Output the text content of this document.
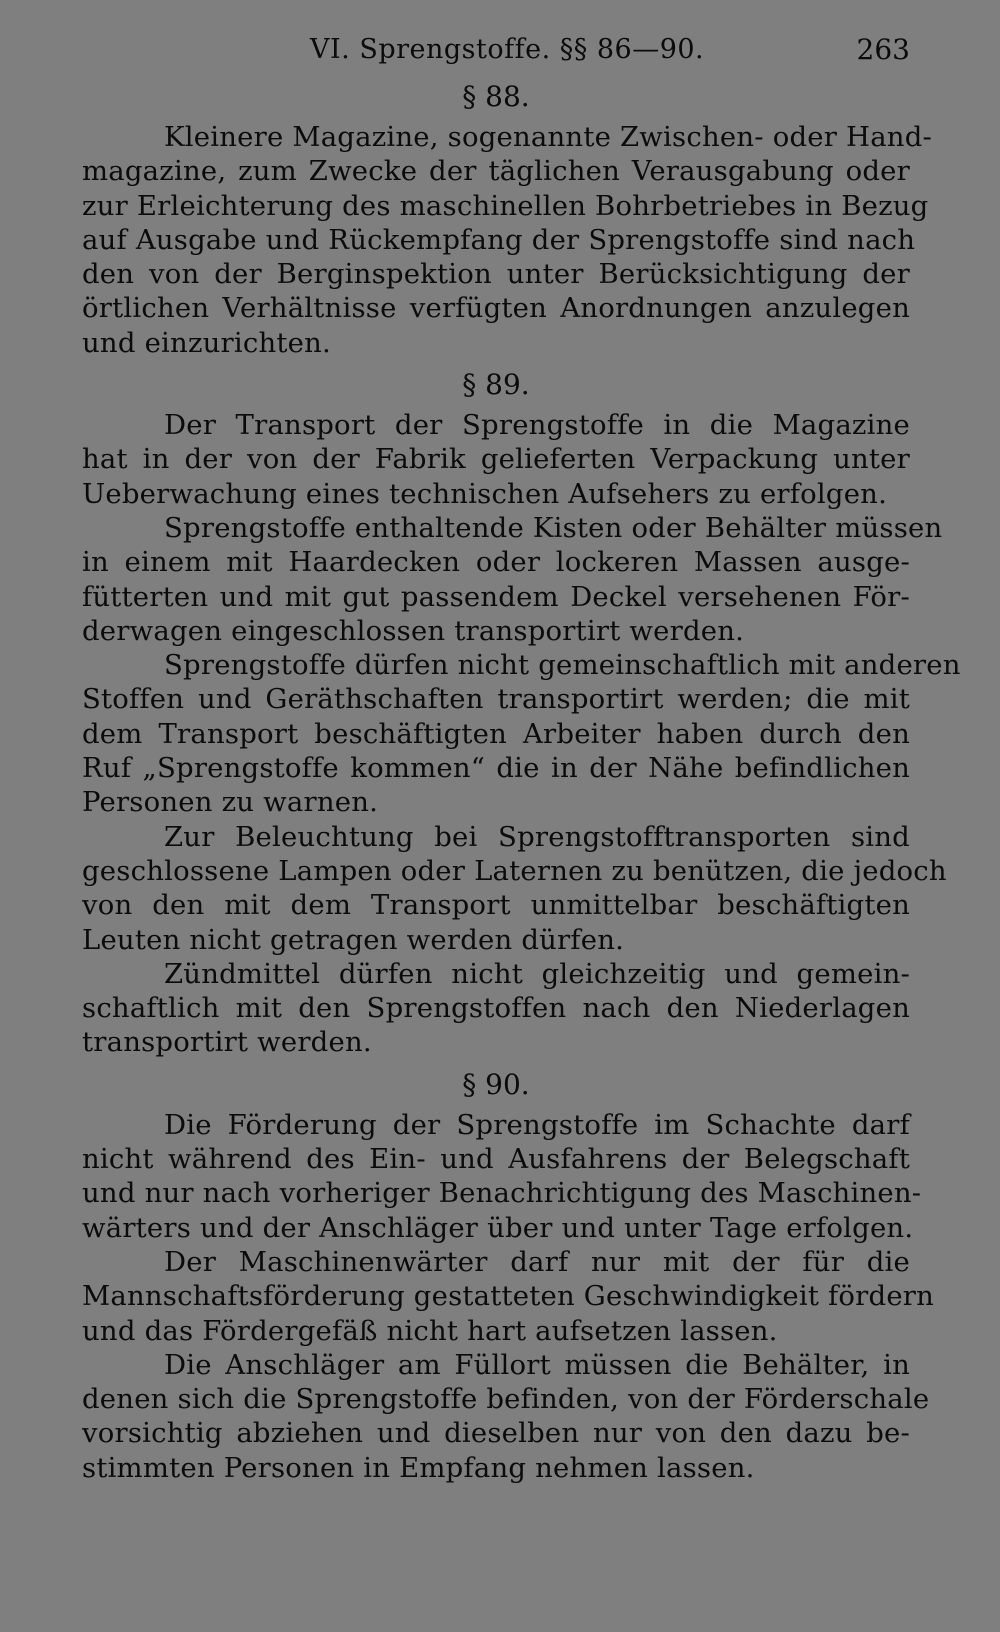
VI. Sprengstoffe. §§ 86—90.	263
§ 88.
Kleinere Magazine, sogenannte Zwischen- oder Hand-
magazine, zum Zwecke der täglichen Verausgabung oder
zur Erleichterung des maschinellen Bohrbetriebes in Bezug
auf Ausgabe und Rückempfang der Sprengstoffe sind nach
den von der Berginspektion unter Berücksichtigung der
örtlichen Verhältnisse verfügten Anordnungen anzulegen
und einzurichten.
§ 89.
Der Transport der Sprengstoffe in die Magazine
hat in der von der Fabrik gelieferten Verpackung unter
Ueberwachung eines technischen Aufsehers zu erfolgen.
Sprengstoffe enthaltende Kisten oder Behälter müssen
in einem mit Haardecken oder lockeren Massen ausge-
fütterten und mit gut passendem Deckel versehenen För-
derwagen eingeschlossen transportirt werden.
Sprengstoffe dürfen nicht gemeinschaftlich mit anderen
Stoffen und Geräthschaften transportirt werden; die mit
dem Transport beschäftigten Arbeiter haben durch den
Ruf „Sprengstoffe kommen“ die in der Nähe befindlichen
Personen zu warnen.
Zur Beleuchtung bei Sprengstofftransporten sind
geschlossene Lampen oder Laternen zu benützen, die jedoch
von den mit dem Transport unmittelbar beschäftigten
Leuten nicht getragen werden dürfen.
Zündmittel dürfen nicht gleichzeitig und gemein-
schaftlich mit den Sprengstoffen nach den Niederlagen
transportirt werden.
§ 90.
Die Förderung der Sprengstoffe im Schachte darf
nicht während des Ein- und Ausfahrens der Belegschaft
und nur nach vorheriger Benachrichtigung des Maschinen-
wärters und der Anschläger über und unter Tage erfolgen.
Der Maschinenwärter darf nur mit der für die
Mannschaftsförderung gestatteten Geschwindigkeit fördern
und das Fördergefäß nicht hart aufsetzen lassen.
Die Anschläger am Füllort müssen die Behälter, in
denen sich die Sprengstoffe befinden, von der Förderschale
vorsichtig abziehen und dieselben nur von den dazu be-
stimmten Personen in Empfang nehmen lassen.
